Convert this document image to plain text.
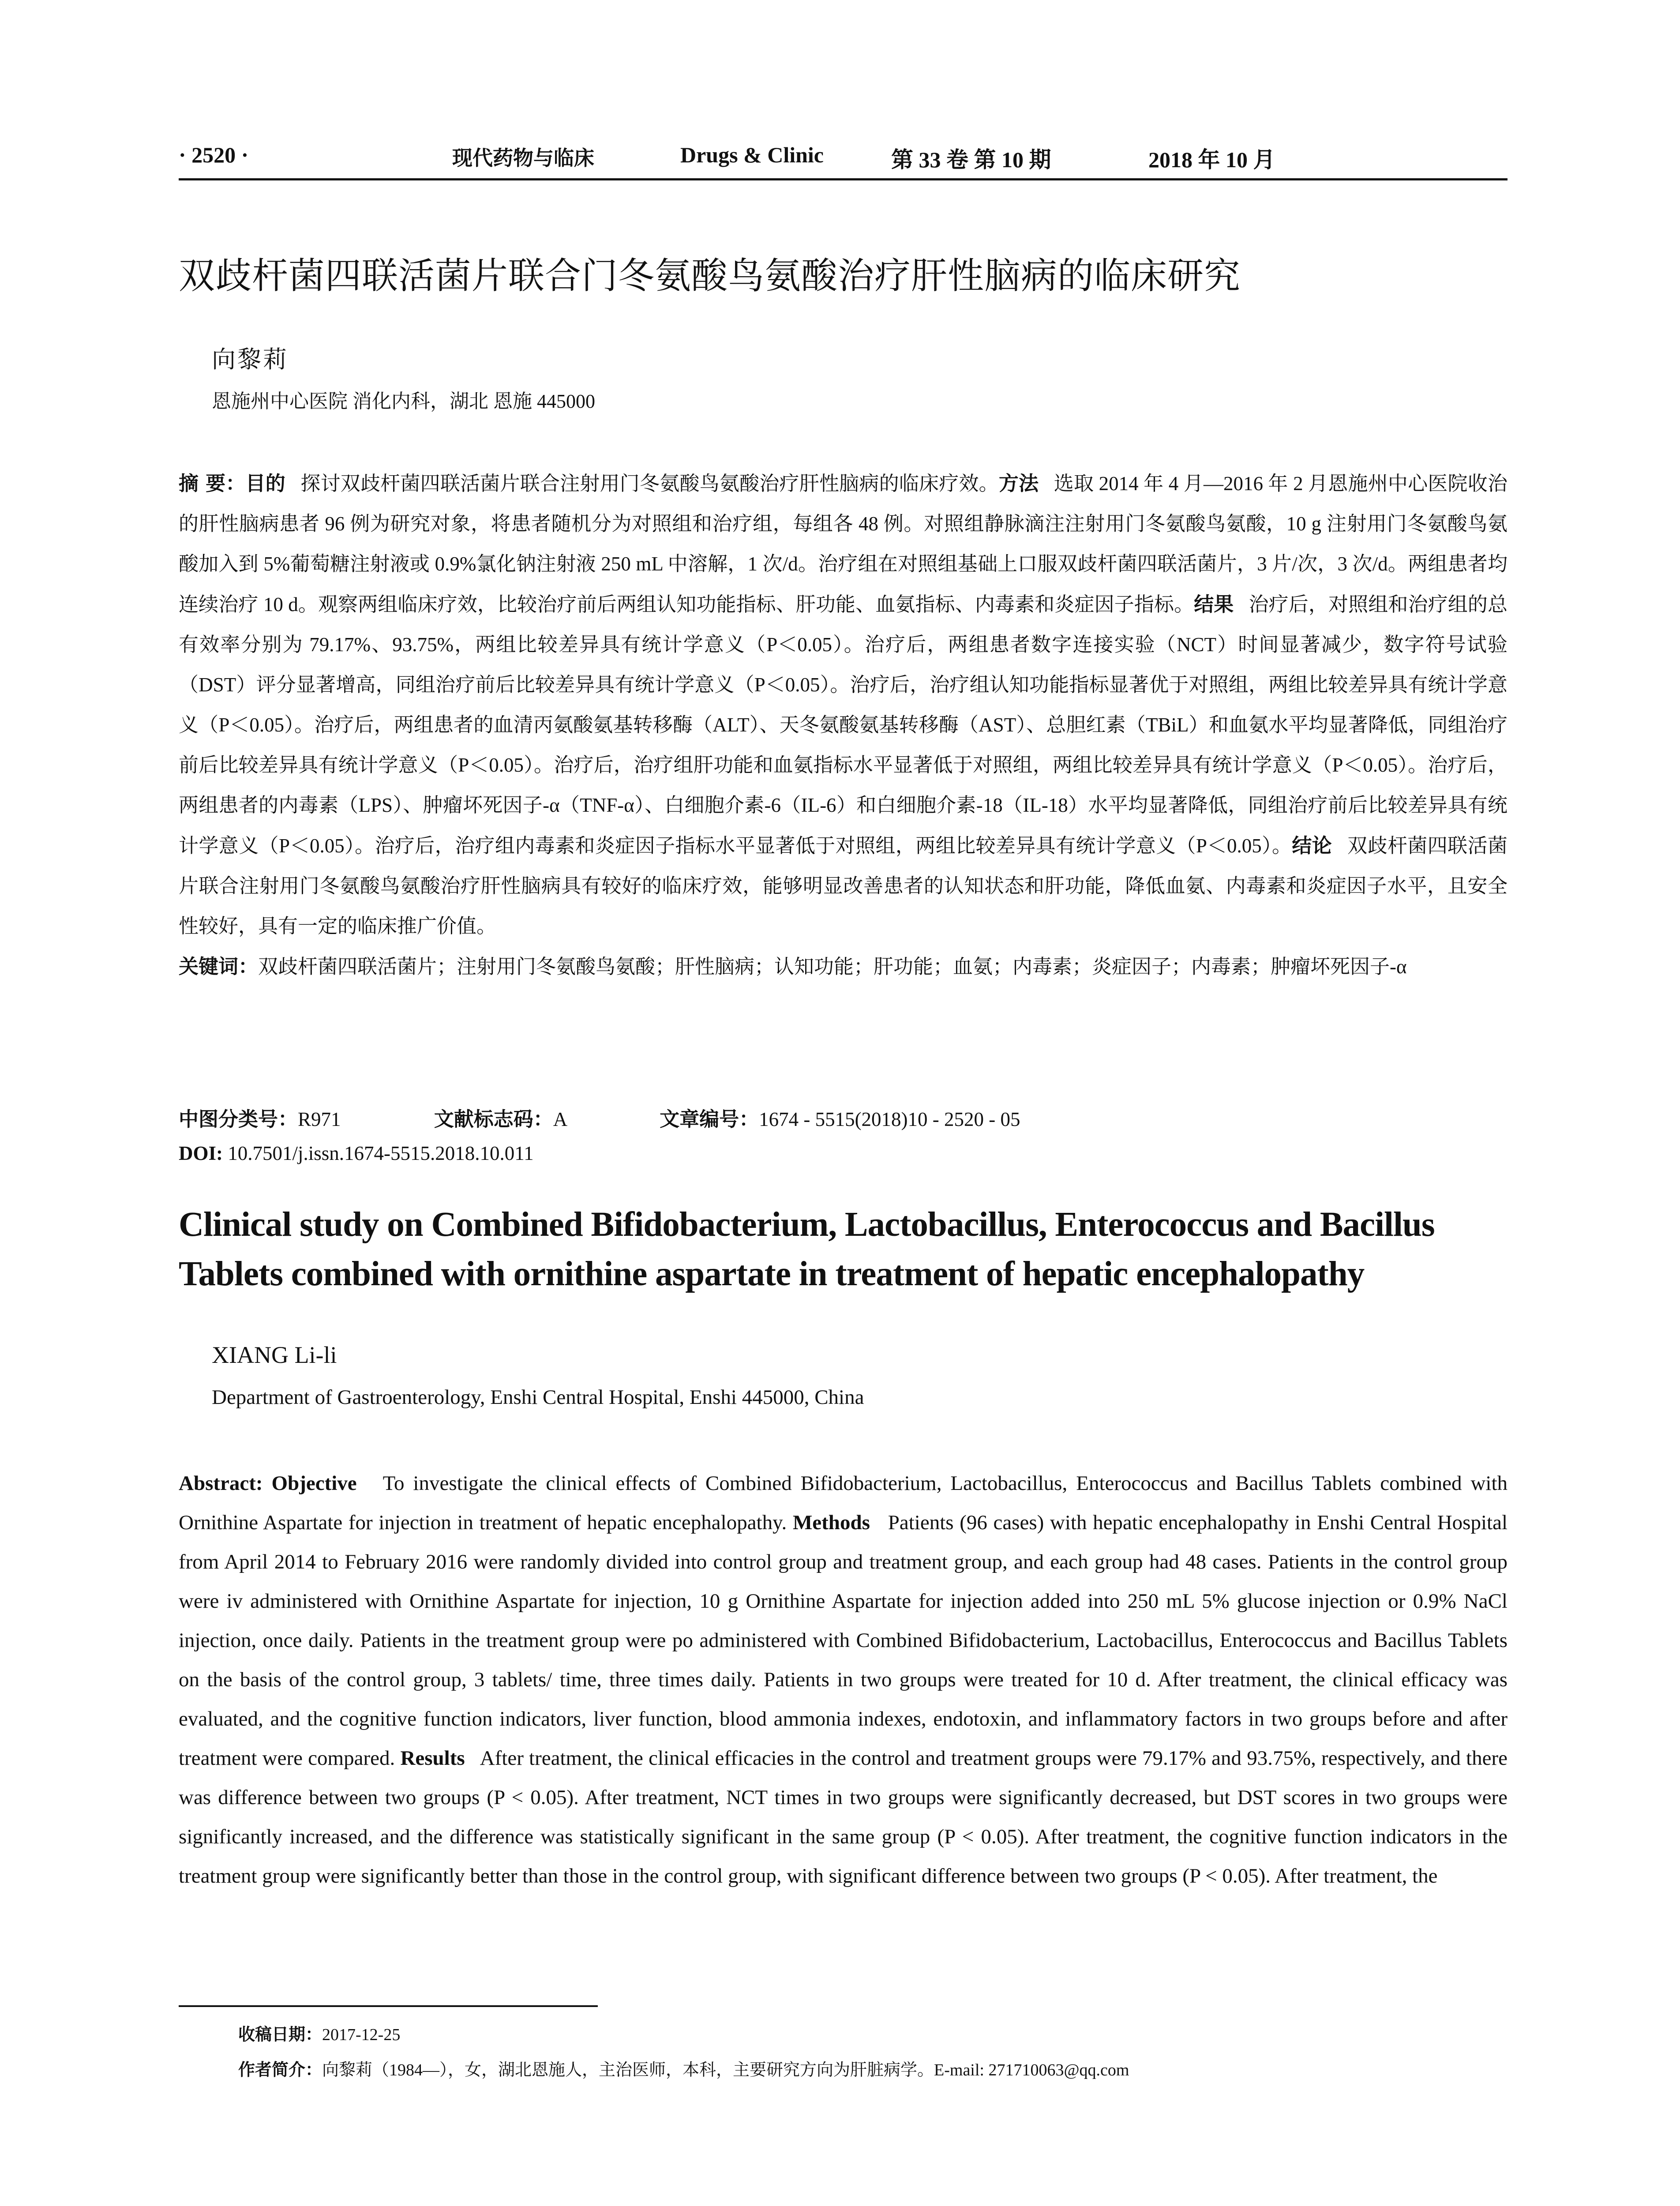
· 2520 ·	现代药物与临床	Drugs & Clinic	第 33 卷 第 10 期	2018 年 10 月
双歧杆菌四联活菌片联合门冬氨酸鸟氨酸治疗肝性脑病的临床研究
向黎莉
恩施州中心医院 消化内科，湖北 恩施 445000

摘 要：目的 探讨双歧杆菌四联活菌片联合注射用门冬氨酸鸟氨酸治疗肝性脑病的临床疗效。方法 选取 2014 年 4 月—2016 年 2 月恩施州中心医院收治的肝性脑病患者 96 例为研究对象，将患者随机分为对照组和治疗组，每组各 48 例。对照组静脉滴注注射用门冬氨酸鸟氨酸，10 g 注射用门冬氨酸鸟氨酸加入到 5%葡萄糖注射液或 0.9%氯化钠注射液 250 mL 中溶解，1 次/d。治疗组在对照组基础上口服双歧杆菌四联活菌片，3 片/次，3 次/d。两组患者均连续治疗 10 d。观察两组临床疗效，比较治疗前后两组认知功能指标、肝功能、血氨指标、内毒素和炎症因子指标。结果 治疗后，对照组和治疗组的总有效率分别为 79.17%、93.75%，两组比较差异具有统计学意义（P＜0.05）。治疗后，两组患者数字连接实验（NCT）时间显著减少，数字符号试验（DST）评分显著增高，同组治疗前后比较差异具有统计学意义（P＜0.05）。治疗后，治疗组认知功能指标显著优于对照组，两组比较差异具有统计学意义（P＜0.05）。治疗后，两组患者的血清丙氨酸氨基转移酶（ALT）、天冬氨酸氨基转移酶（AST）、总胆红素（TBiL）和血氨水平均显著降低，同组治疗前后比较差异具有统计学意义（P＜0.05）。治疗后，治疗组肝功能和血氨指标水平显著低于对照组，两组比较差异具有统计学意义（P＜0.05）。治疗后，两组患者的内毒素（LPS）、肿瘤坏死因子-α（TNF-α）、白细胞介素-6（IL-6）和白细胞介素-18（IL-18）水平均显著降低，同组治疗前后比较差异具有统计学意义（P＜0.05）。治疗后，治疗组内毒素和炎症因子指标水平显著低于对照组，两组比较差异具有统计学意义（P＜0.05）。结论 双歧杆菌四联活菌片联合注射用门冬氨酸鸟氨酸治疗肝性脑病具有较好的临床疗效，能够明显改善患者的认知状态和肝功能，降低血氨、内毒素和炎症因子水平，且安全性较好，具有一定的临床推广价值。

关键词：双歧杆菌四联活菌片；注射用门冬氨酸鸟氨酸；肝性脑病；认知功能；肝功能；血氨；内毒素；炎症因子；内毒素；肿瘤坏死因子-α

中图分类号：R971	文献标志码：A	文章编号：1674 - 5515(2018)10 - 2520 - 05
DOI: 10.7501/j.issn.1674-5515.2018.10.011
Clinical study on Combined Bifidobacterium, Lactobacillus, Enterococcus and Bacillus
Tablets combined with ornithine aspartate in treatment of hepatic encephalopathy
XIANG Li-li
Department of Gastroenterology, Enshi Central Hospital, Enshi 445000, China

Abstract: Objective To investigate the clinical effects of Combined Bifidobacterium, Lactobacillus, Enterococcus and Bacillus Tablets combined with Ornithine Aspartate for injection in treatment of hepatic encephalopathy. Methods Patients (96 cases) with hepatic encephalopathy in Enshi Central Hospital from April 2014 to February 2016 were randomly divided into control group and treatment group, and each group had 48 cases. Patients in the control group were iv administered with Ornithine Aspartate for injection, 10 g Ornithine Aspartate for injection added into 250 mL 5% glucose injection or 0.9% NaCl injection, once daily. Patients in the treatment group were po administered with Combined Bifidobacterium, Lactobacillus, Enterococcus and Bacillus Tablets on the basis of the control group, 3 tablets/ time, three times daily. Patients in two groups were treated for 10 d. After treatment, the clinical efficacy was evaluated, and the cognitive function indicators, liver function, blood ammonia indexes, endotoxin, and inflammatory factors in two groups before and after treatment were compared. Results After treatment, the clinical efficacies in the control and treatment groups were 79.17% and 93.75%, respectively, and there was difference between two groups (P < 0.05). After treatment, NCT times in two groups were significantly decreased, but DST scores in two groups were significantly increased, and the difference was statistically significant in the same group (P < 0.05). After treatment, the cognitive function indicators in the treatment group were significantly better than those in the control group, with significant difference between two groups (P < 0.05). After treatment, the

收稿日期：2017-12-25
作者简介：向黎莉（1984—），女，湖北恩施人，主治医师，本科，主要研究方向为肝脏病学。E-mail: 271710063@qq.com
